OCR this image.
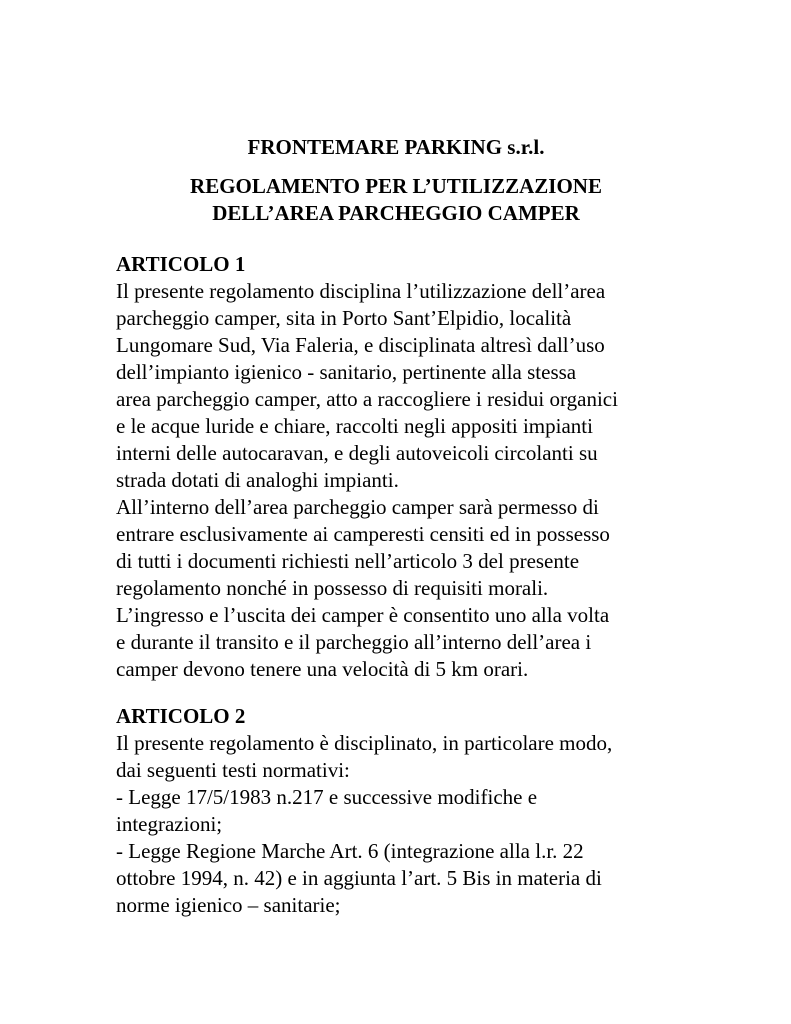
FRONTEMARE PARKING s.r.l.

REGOLAMENTO PER L’UTILIZZAZIONE

DELL’AREA PARCHEGGIO CAMPER

ARTICOLO 1

Il presente regolamento disciplina l’utilizzazione dell’area

parcheggio camper, sita in Porto Sant’Elpidio, località

Lungomare Sud, Via Faleria, e disciplinata altresì dall’uso

dell’impianto igienico - sanitario, pertinente alla stessa

area parcheggio camper, atto a raccogliere i residui organici

e le acque luride e chiare, raccolti negli appositi impianti

interni delle autocaravan, e degli autoveicoli circolanti su

strada dotati di analoghi impianti.

All’interno dell’area parcheggio camper sarà permesso di

entrare esclusivamente ai camperesti censiti ed in possesso

di tutti i documenti richiesti nell’articolo 3 del presente

regolamento nonché in possesso di requisiti morali.

L’ingresso e l’uscita dei camper è consentito uno alla volta

e durante il transito e il parcheggio all’interno dell’area i

camper devono tenere una velocità di 5 km orari.

ARTICOLO 2

Il presente regolamento è disciplinato, in particolare modo,

dai seguenti testi normativi:

- Legge 17/5/1983 n.217 e successive modifiche e

integrazioni;

- Legge Regione Marche Art. 6 (integrazione alla l.r. 22

ottobre 1994, n. 42) e in aggiunta l’art. 5 Bis in materia di

norme igienico – sanitarie;
